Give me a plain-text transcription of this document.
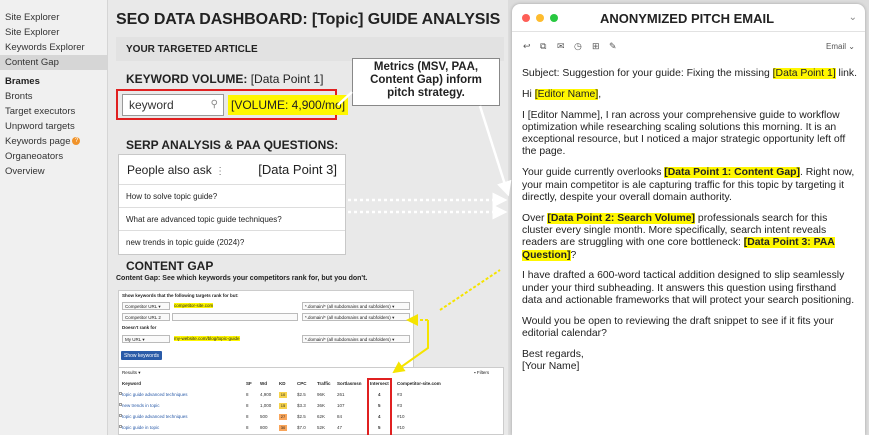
Site Explorer
Site Explorer
Keywords Explorer
Content Gap
Brames
Bronts
Target executors
Unpword targets
Keywords page ?
Organeoators
Overview
SEO DATA DASHBOARD: [Topic] GUIDE ANALYSIS
YOUR TARGETED ARTICLE
KEYWORD VOLUME: [Data Point 1]
keyword	⚲ [VOLUME: 4,900/mo]
Metrics (MSV, PAA, Content Gap) inform pitch strategy.
SERP ANALYSIS & PAA QUESTIONS:
People also ask ⋮	[Data Point 3]
How to solve topic guide?
What are advanced topic guide techniques?
new trends in topic guide (2024)?
CONTENT GAP
Content Gap: See which keywords your competitors rank for, but you don't.
Show keywords that the following targets rank for but:
Competitor URL ▾	competitor-site.com	*.domain/* (all subdomains and subfolders) ▾
Competitor URL 2	*.domain/* (all subdomains and subfolders) ▾
Doesn't rank for
My URL ▾	my-website.com/blog/topic-guide	*.domain/* (all subdomains and subfolders) ▾
Show keywords
Results ▾	▪ Filters
Keyword	SF Wd	KD	CPC Traffic Sortlasmsn Intersect Competitor-site.com
topic guide advanced techniques	8	4,900	10	$2.5 96K	261	4	#3
new trends in topic	8	1,000	15	$3.3 36K	107	5	#3
topic guide advanced techniques	8	500	27	$2.5 62K	84	4	#10
topic guide in topic	8	800	30	$7.0 52K	47	5	#10
ANONYMIZED PITCH EMAIL	⌄
↩ ⧉ ✉ ◷ ⊞ ✎	Email ⌄

Subject: Suggestion for your guide: Fixing the missing [Data Point 1] link.

Hi [Editor Name],

I [Editor Namme], I ran across your comprehensive guide to workflow optimization while researching scaling solutions this morning. It is an exceptional resource, but I noticed a major strategic opportunity left off the page.

Your guide currently overlooks [Data Point 1: Content Gap]. Right now, your main competitor is ale capturing traffic for this topic by targeting it directly, despite your overall domain authority.

Over [Data Point 2: Search Volume] professionals search for this cluster every single month. More specifically, search intent reveals readers are struggling with one core bottleneck: [Data Point 3: PAA Question]?

I have drafted a 600-word tactical addition designed to slip seamlessly under your third subheading. It answers this question using firsthand data and actionable frameworks that will protect your search positioning.

Would you be open to reviewing the draft snippet to see if it fits your editorial calendar?

Best regards,
[Your Name]
